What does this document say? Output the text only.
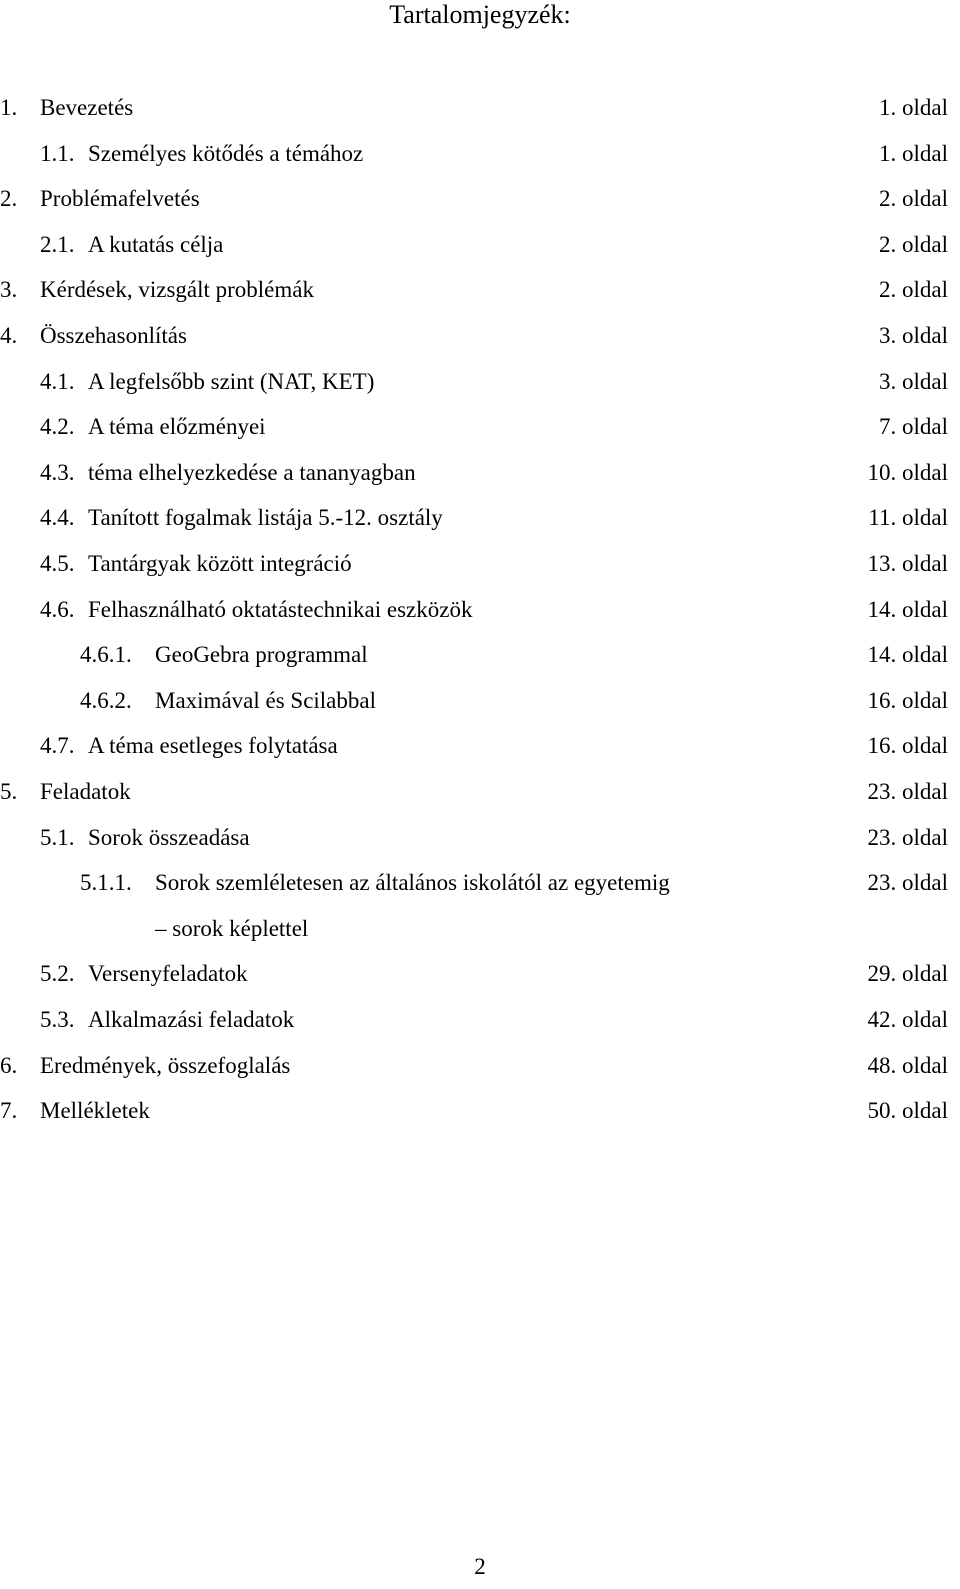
Tartalomjegyzék:
1. Bevezetés	1. oldal
1.1. Személyes kötődés a témához	1. oldal
2. Problémafelvetés	2. oldal
2.1. A kutatás célja	2. oldal
3. Kérdések, vizsgált problémák	2. oldal
4. Összehasonlítás	3. oldal
4.1. A legfelsőbb szint (NAT, KET)	3. oldal
4.2. A téma előzményei	7. oldal
4.3. téma elhelyezkedése a tananyagban	10. oldal
4.4. Tanított fogalmak listája 5.-12. osztály	11. oldal
4.5. Tantárgyak között integráció	13. oldal
4.6. Felhasználható oktatástechnikai eszközök	14. oldal
4.6.1. GeoGebra programmal	14. oldal
4.6.2. Maximával és Scilabbal	16. oldal
4.7. A téma esetleges folytatása	16. oldal
5. Feladatok	23. oldal
5.1. Sorok összeadása	23. oldal
5.1.1. Sorok szemléletesen az általános iskolától az egyetemig	23. oldal
– sorok képlettel
5.2. Versenyfeladatok	29. oldal
5.3. Alkalmazási feladatok	42. oldal
6. Eredmények, összefoglalás	48. oldal
7. Mellékletek	50. oldal
2
